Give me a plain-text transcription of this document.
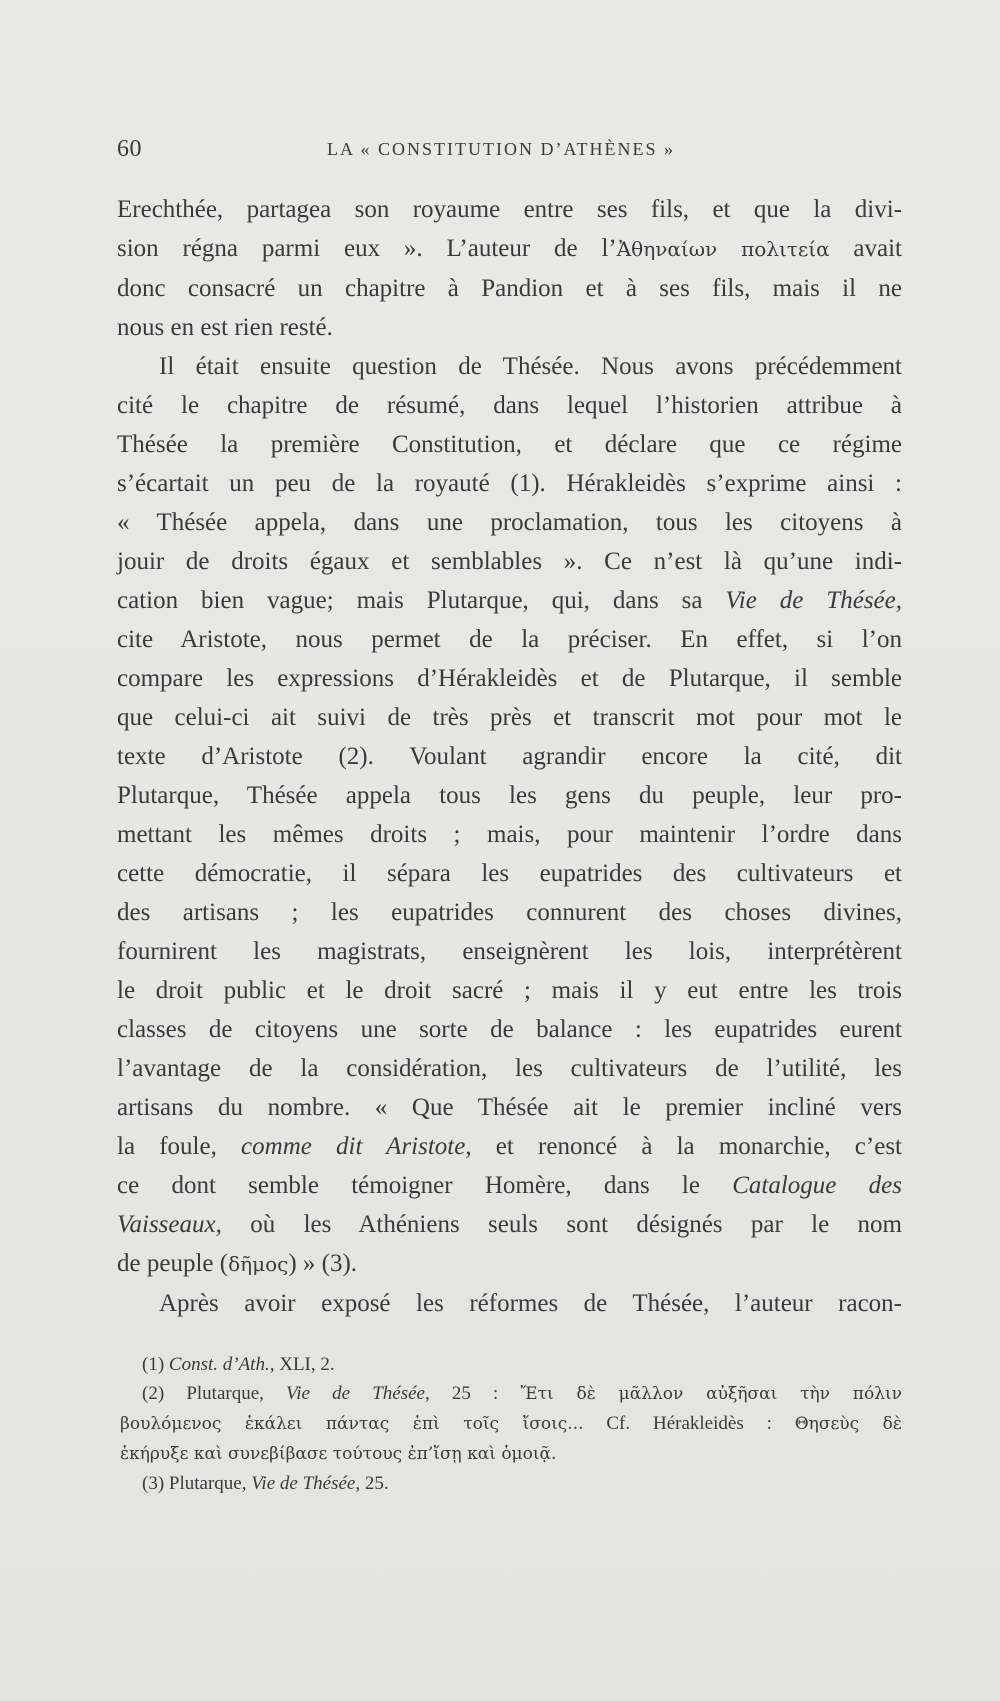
60	LA « CONSTITUTION D’ATHÈNES »

Erechthée, partagea son royaume entre ses fils, et que la divi-

sion régna parmi eux ». L’auteur de l’Ἀθηναίων πολιτεία avait

donc consacré un chapitre à Pandion et à ses fils, mais il ne

nous en est rien resté.

Il était ensuite question de Thésée. Nous avons précédemment

cité le chapitre de résumé, dans lequel l’historien attribue à

Thésée la première Constitution, et déclare que ce régime

s’écartait un peu de la royauté (1). Hérakleidès s’exprime ainsi :

« Thésée appela, dans une proclamation, tous les citoyens à

jouir de droits égaux et semblables ». Ce n’est là qu’une indi-

cation bien vague; mais Plutarque, qui, dans sa Vie de Thésée,

cite Aristote, nous permet de la préciser. En effet, si l’on

compare les expressions d’Hérakleidès et de Plutarque, il semble

que celui-ci ait suivi de très près et transcrit mot pour mot le

texte d’Aristote (2). Voulant agrandir encore la cité, dit

Plutarque, Thésée appela tous les gens du peuple, leur pro-

mettant les mêmes droits ; mais, pour maintenir l’ordre dans

cette démocratie, il sépara les eupatrides des cultivateurs et

des artisans ; les eupatrides connurent des choses divines,

fournirent les magistrats, enseignèrent les lois, interprétèrent

le droit public et le droit sacré ; mais il y eut entre les trois

classes de citoyens une sorte de balance : les eupatrides eurent

l’avantage de la considération, les cultivateurs de l’utilité, les

artisans du nombre. « Que Thésée ait le premier incliné vers

la foule, comme dit Aristote, et renoncé à la monarchie, c’est

ce dont semble témoigner Homère, dans le Catalogue des

Vaisseaux, où les Athéniens seuls sont désignés par le nom

de peuple (δῆμος) » (3).

Après avoir exposé les réformes de Thésée, l’auteur racon-

(1) Const. d’Ath., XLI, 2.

(2) Plutarque, Vie de Thésée, 25 : Ἔτι δὲ μᾶλλον αὐξῆσαι τὴν πόλιν

βουλόμενος ἐκάλει πάντας ἐπὶ τοῖς ἴσοις... Cf. Hérakleidès : Θησεὺς δὲ

ἐκήρυξε καὶ συνεβίβασε τούτους ἐπ’ἴσῃ καὶ ὁμοιᾷ.

(3) Plutarque, Vie de Thésée, 25.
